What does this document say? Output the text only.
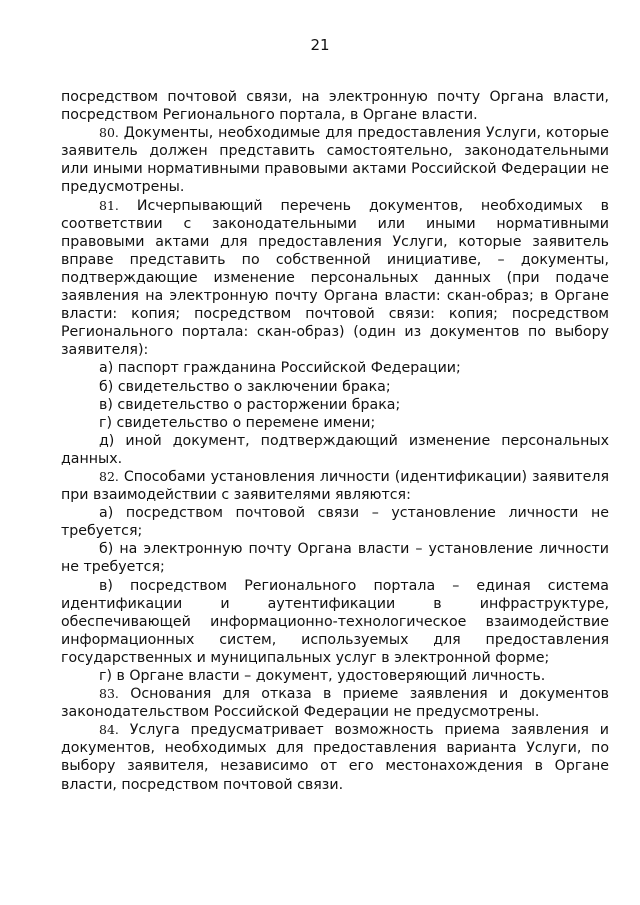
21

посредством почтовой связи, на электронную почту Органа власти, посредством Регионального портала, в Органе власти.

80. Документы, необходимые для предоставления Услуги, которые заявитель должен представить самостоятельно, законодательными или иными нормативными правовыми актами Российской Федерации не предусмотрены.

81. Исчерпывающий перечень документов, необходимых в соответствии с законодательными или иными нормативными правовыми актами для предоставления Услуги, которые заявитель вправе представить по собственной инициативе, – документы, подтверждающие изменение персональных данных (при подаче заявления на электронную почту Органа власти: скан-образ; в Органе власти: копия; посредством почтовой связи: копия; посредством Регионального портала: скан-образ) (один из документов по выбору заявителя):

а) паспорт гражданина Российской Федерации;

б) свидетельство о заключении брака;

в) свидетельство о расторжении брака;

г) свидетельство о перемене имени;

д) иной документ, подтверждающий изменение персональных данных.

82. Способами установления личности (идентификации) заявителя при взаимодействии с заявителями являются:

а) посредством почтовой связи – установление личности не требуется;

б) на электронную почту Органа власти – установление личности не требуется;

в) посредством Регионального портала – единая система идентификации и аутентификации в инфраструктуре, обеспечивающей информационно-технологическое взаимодействие информационных систем, используемых для предоставления государственных и муниципальных услуг в электронной форме;

г) в Органе власти – документ, удостоверяющий личность.

83. Основания для отказа в приеме заявления и документов законодательством Российской Федерации не предусмотрены.

84. Услуга предусматривает возможность приема заявления и документов, необходимых для предоставления варианта Услуги, по выбору заявителя, независимо от его местонахождения в Органе власти, посредством почтовой связи.
